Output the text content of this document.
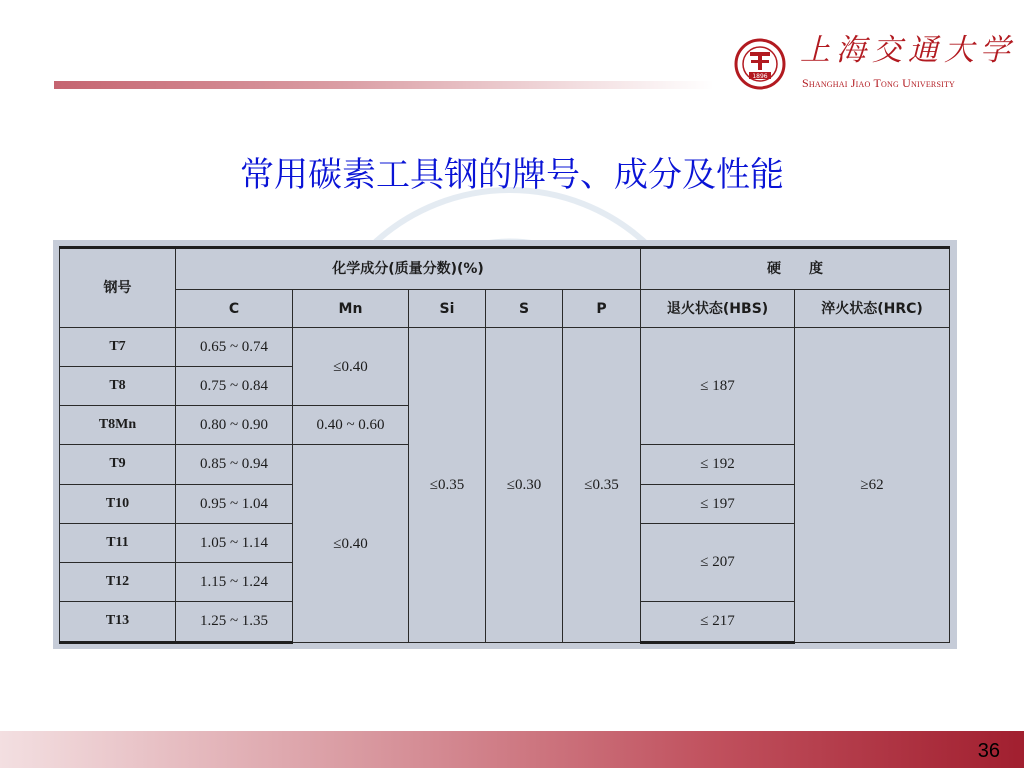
1896
上海交通大学
Shanghai Jiao Tong University
常用碳素工具钢的牌号、成分及性能
钢号	化学成分(质量分数)(%)					硬　　度	
	C	Mn	Si	S	P	退火状态(HBS)	淬火状态(HRC)
T7	0.65 ~ 0.74	≤0.40	≤0.35	≤0.30	≤0.35	≤ 187	≥62
T8	0.75 ~ 0.84						
T8Mn	0.80 ~ 0.90	0.40 ~ 0.60					
T9	0.85 ~ 0.94	≤0.40				≤ 192	
T10	0.95 ~ 1.04					≤ 197	
T11	1.05 ~ 1.14					≤ 207	
T12	1.15 ~ 1.24						
T13	1.25 ~ 1.35					≤ 217	
36
